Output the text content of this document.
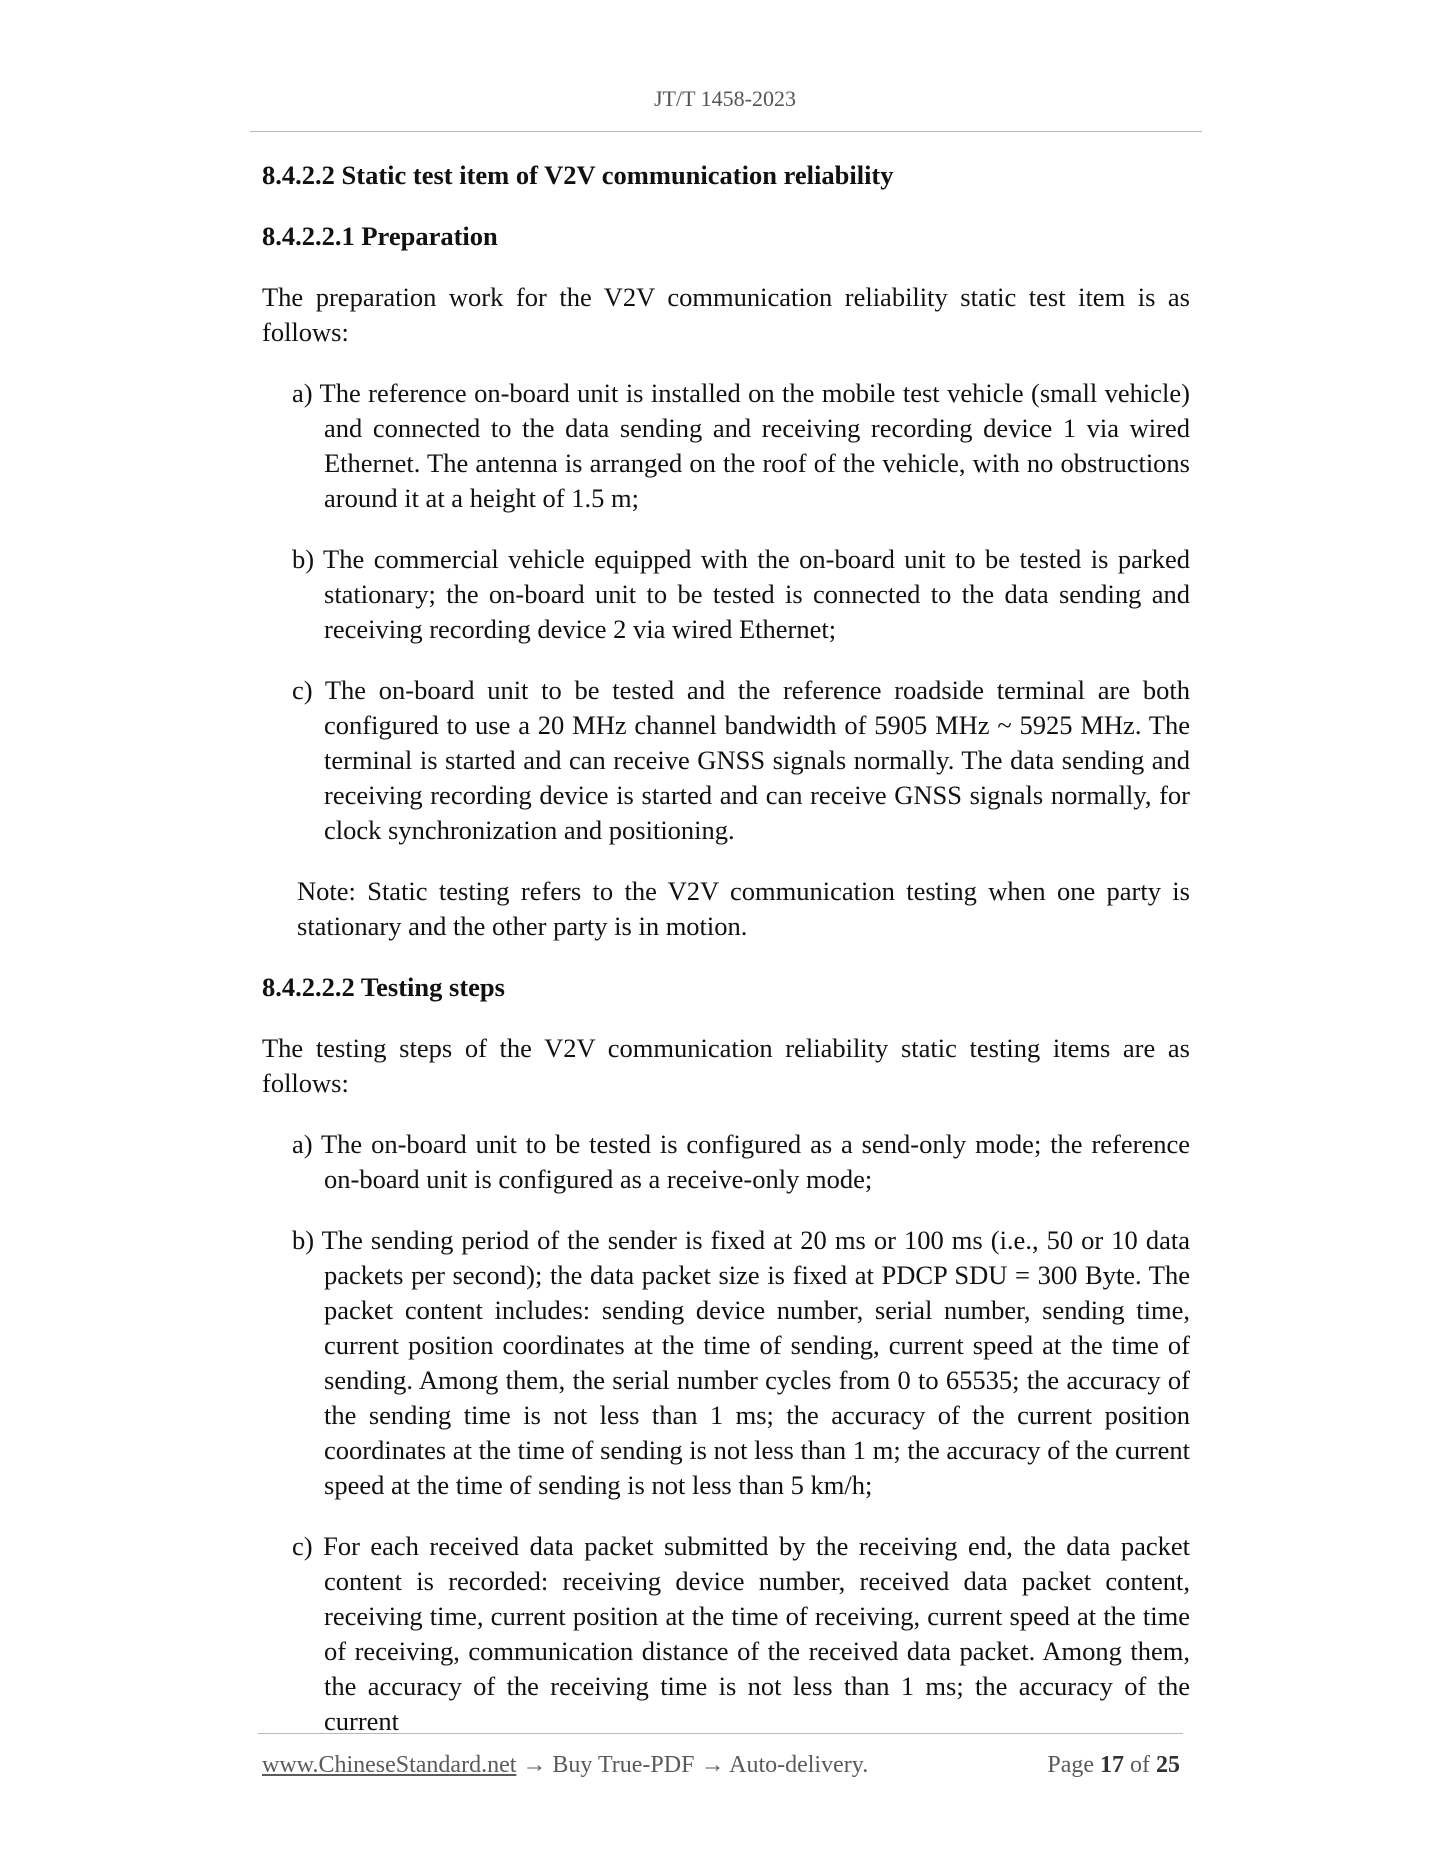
JT/T 1458-2023
8.4.2.2 Static test item of V2V communication reliability
8.4.2.2.1 Preparation

The preparation work for the V2V communication reliability static test item is as follows:

a) The reference on-board unit is installed on the mobile test vehicle (small vehicle) and connected to the data sending and receiving recording device 1 via wired Ethernet. The antenna is arranged on the roof of the vehicle, with no obstructions around it at a height of 1.5 m;

b) The commercial vehicle equipped with the on-board unit to be tested is parked stationary; the on-board unit to be tested is connected to the data sending and receiving recording device 2 via wired Ethernet;

c) The on-board unit to be tested and the reference roadside terminal are both configured to use a 20 MHz channel bandwidth of 5905 MHz ~ 5925 MHz. The terminal is started and can receive GNSS signals normally. The data sending and receiving recording device is started and can receive GNSS signals normally, for clock synchronization and positioning.

Note: Static testing refers to the V2V communication testing when one party is stationary and the other party is in motion.

8.4.2.2.2 Testing steps

The testing steps of the V2V communication reliability static testing items are as follows:

a) The on-board unit to be tested is configured as a send-only mode; the reference on-board unit is configured as a receive-only mode;

b) The sending period of the sender is fixed at 20 ms or 100 ms (i.e., 50 or 10 data packets per second); the data packet size is fixed at PDCP SDU = 300 Byte. The packet content includes: sending device number, serial number, sending time, current position coordinates at the time of sending, current speed at the time of sending. Among them, the serial number cycles from 0 to 65535; the accuracy of the sending time is not less than 1 ms; the accuracy of the current position coordinates at the time of sending is not less than 1 m; the accuracy of the current speed at the time of sending is not less than 5 km/h;

c) For each received data packet submitted by the receiving end, the data packet content is recorded: receiving device number, received data packet content, receiving time, current position at the time of receiving, current speed at the time of receiving, communication distance of the received data packet. Among them, the accuracy of the receiving time is not less than 1 ms; the accuracy of the current

www.ChineseStandard.net → Buy True-PDF → Auto-delivery.	Page 17 of 25
